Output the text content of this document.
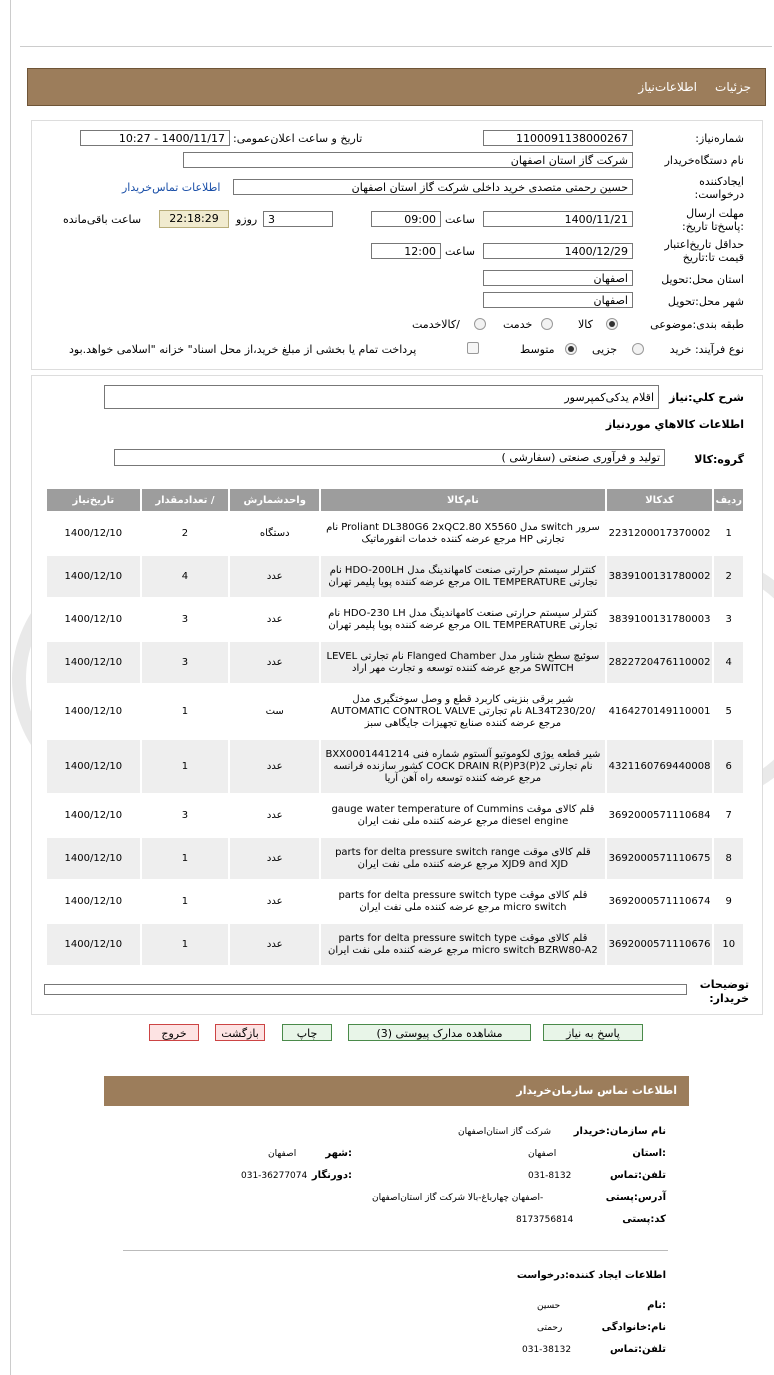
جزئیات
اطلاعات‌نیاز
شماره‌نیاز:
1100091138000267
تاریخ و ساعت اعلان‌عمومی:
1400/11/17 - 10:27
نام دستگاه‌خریدار
شرکت گاز استان اصفهان
ایجادکننده درخواست:
حسین رحمتی متصدی خرید داخلی شرکت گاز استان اصفهان
اطلاعات تماس‌خریدار
مهلت ارسال :پاسخ‌تا تاریخ:
1400/11/21
ساعت
09:00
3
روز‌و
22:18:29
ساعت باقی‌مانده
حداقل تاریخ‌اعتبار قیمت تا:تاریخ
1400/12/29
ساعت
12:00
استان محل:تحویل
اصفهان
شهر محل:تحویل
اصفهان
طبقه بندی:موضوعی
کالا
خدمت
/کالاخدمت
نوع فرآیند: خرید
جزیی
متوسط
پرداخت تمام یا بخشی از مبلغ خرید،از محل اسناد" خزانه "اسلامی خواهد.بود
شرح کلي:نياز
اقلام یدکی‌کمپرسور
اطلاعات کالاهاي موردنياز
گروه:کالا
تولید و فرآوری صنعتی (سفارشی )
رديف	کدکالا	نام‌کالا	واحدشمارش	/ تعدادمقدار	تاریخ‌نیاز
1	2231200017370002	سرور switch مدل Proliant DL380G6 2xQC2.80 X5560 نام تجارتی HP مرجع عرضه کننده خدمات انفورماتیک	دستگاه	2	1400/12/10
2	3839100131780002	کنترلر سیستم حرارتی صنعت کامهاندینگ مدل HDO-200LH نام تجارتی OIL TEMPERATURE مرجع عرضه کننده پویا پلیمر تهران	عدد	4	1400/12/10
3	3839100131780003	کنترلر سیستم حرارتی صنعت کامهاندینگ مدل HDO-230 LH نام تجارتی OIL TEMPERATURE مرجع عرضه کننده پویا پلیمر تهران	عدد	3	1400/12/10
4	2822720476110002	سوئیچ سطح شناور مدل Flanged Chamber نام تجارتی LEVEL SWITCH مرجع عرضه کننده توسعه و تجارت مهر اراد	عدد	3	1400/12/10
5	4164270149110001	شیر برقی بنزینی کاربرد قطع و وصل سوختگیری مدل /AL34T230/20 نام تجارتی AUTOMATIC CONTROL VALVE مرجع عرضه کننده صنایع تجهیزات جایگاهی سبز	ست	1	1400/12/10
6	4321160769440008	شیر قطعه یوژی لکوموتیو آلستوم شماره فنی BXX0001441214 نام تجارتی COCK DRAIN R(P)P3(P)2 کشور سازنده فرانسه مرجع عرضه کننده توسعه راه آهن آریا	عدد	1	1400/12/10
7	3692000571110684	قلم کالای موقت gauge water temperature of Cummins diesel engine مرجع عرضه کننده ملی نفت ایران	عدد	3	1400/12/10
8	3692000571110675	قلم کالای موقت parts for delta pressure switch range XJD9 and XJD مرجع عرضه کننده ملی نفت ایران	عدد	1	1400/12/10
9	3692000571110674	قلم کالای موقت parts for delta pressure switch type micro switch مرجع عرضه کننده ملی نفت ایران	عدد	1	1400/12/10
10	3692000571110676	قلم کالای موقت parts for delta pressure switch type micro switch BZRW80-A2 مرجع عرضه کننده ملی نفت ایران	عدد	1	1400/12/10
توضیحات خریدار:
پاسخ به نیاز
مشاهده مدارک پیوستی (3)
چاپ
بازگشت
خروج
اطلاعات تماس سازمان‌خریدار
نام سازمان:خریدار
شرکت گاز استان‌اصفهان
:استان
اصفهان
:شهر
اصفهان
تلفن:تماس
031-8132
:دورنگار
031-36277074
آدرس:پستی
-اصفهان چهارباغ-بالا شرکت گاز استان‌اصفهان
کد:پستی
8173756814
اطلاعات ایجاد کننده:درخواست
:نام
حسین
نام:خانوادگی
رحمتی
تلفن:تماس
031-38132
